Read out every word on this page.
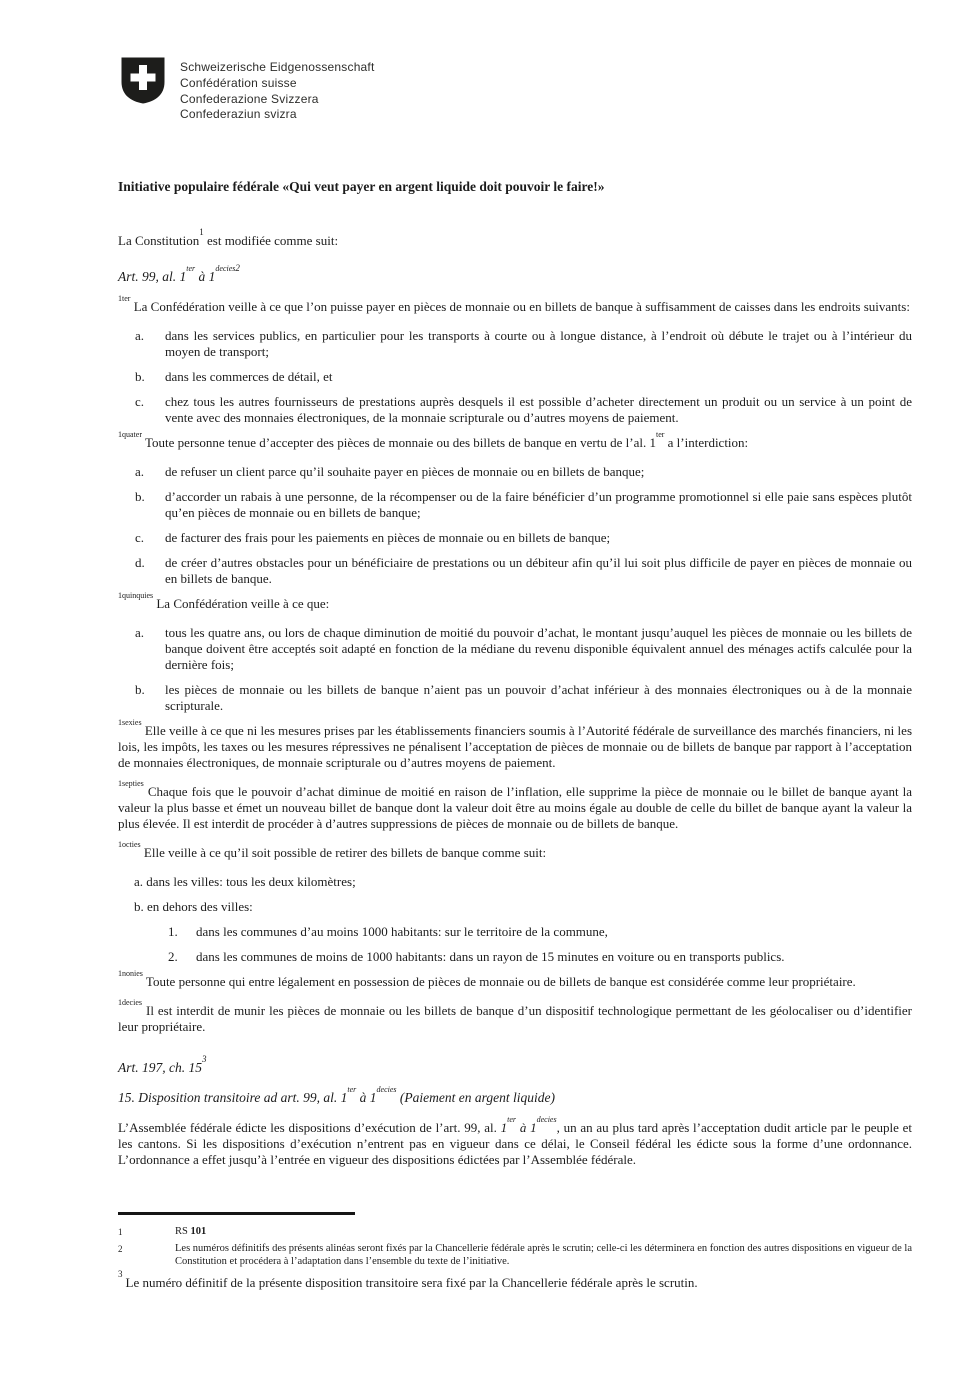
Schweizerische Eidgenossenschaft
Confédération suisse
Confederazione Svizzera
Confederaziun svizra
Initiative populaire fédérale «Qui veut payer en argent liquide doit pouvoir le faire!»

La Constitution$^1$ est modifiée comme suit:

Art. 99, al. $1^{ter}$ à 1$^{decies2}$

$^{1ter}$ La Confédération veille à ce que l’on puisse payer en pièces de monnaie ou en billets de banque à suffisamment de caisses dans les endroits suivants:

a.	dans les services publics, en particulier pour les transports à courte ou à longue distance, à l’endroit où débute le trajet ou à l’intérieur du moyen de transport;
b.	dans les commerces de détail, et
c.	chez tous les autres fournisseurs de prestations auprès desquels il est possible d’acheter directement un produit ou un service à un point de vente avec des monnaies électroniques, de la monnaie scripturale ou d’autres moyens de paiement.

$^{1quater}$ Toute personne tenue d’accepter des pièces de monnaie ou des billets de banque en vertu de l’al. $1^{ter}$ a l’interdiction:

a.	de refuser un client parce qu’il souhaite payer en pièces de monnaie ou en billets de banque;
b.	d’accorder un rabais à une personne, de la récompenser ou de la faire bénéficier d’un programme promotionnel si elle paie sans espèces plutôt qu’en pièces de monnaie ou en billets de banque;
c.	de facturer des frais pour les paiements en pièces de monnaie ou en billets de banque;
d.	de créer d’autres obstacles pour un bénéficiaire de prestations ou un débiteur afin qu’il lui soit plus difficile de payer en pièces de monnaie ou en billets de banque.

$^{1quinquies}$ La Confédération veille à ce que:

a.	tous les quatre ans, ou lors de chaque diminution de moitié du pouvoir d’achat, le montant jusqu’auquel les pièces de monnaie ou les billets de banque doivent être acceptés soit adapté en fonction de la médiane du revenu disponible équivalent annuel des ménages actifs calculée pour la dernière fois;
b.	les pièces de monnaie ou les billets de banque n’aient pas un pouvoir d’achat inférieur à des monnaies électroniques ou à de la monnaie scripturale.

$^{1sexies}$ Elle veille à ce que ni les mesures prises par les établissements financiers soumis à l’Autorité fédérale de surveillance des marchés financiers, ni les lois, les impôts, les taxes ou les mesures répressives ne pénalisent l’acceptation de pièces de monnaie ou de billets de banque par rapport à l’acceptation de monnaies électroniques, de monnaie scripturale ou d’autres moyens de paiement.

$^{1septies}$ Chaque fois que le pouvoir d’achat diminue de moitié en raison de l’inflation, elle supprime la pièce de monnaie ou le billet de banque ayant la valeur la plus basse et émet un nouveau billet de banque dont la valeur doit être au moins égale au double de celle du billet de banque ayant la valeur la plus élevée. Il est interdit de procéder à d’autres suppressions de pièces de monnaie ou de billets de banque.

$^{1octies}$ Elle veille à ce qu’il soit possible de retirer des billets de banque comme suit:

a. dans les villes: tous les deux kilomètres;
b. en dehors des villes:
1.	dans les communes d’au moins 1000 habitants: sur le territoire de la commune,
2.	dans les communes de moins de 1000 habitants: dans un rayon de 15 minutes en voiture ou en transports publics.

$^{1nonies}$ Toute personne qui entre légalement en possession de pièces de monnaie ou de billets de banque est considérée comme leur propriétaire.

$^{1decies}$ Il est interdit de munir les pièces de monnaie ou les billets de banque d’un dispositif technologique permettant de les géolocaliser ou d’identifier leur propriétaire.

Art. 197, ch. 15$^3$

15. Disposition transitoire ad art. 99, al. $1^{ter}$ à $1^{decies}$ (Paiement en argent liquide)

L’Assemblée fédérale édicte les dispositions d’exécution de l’art. 99, al. $1^{ter}$ à $1^{decies}$, un an au plus tard après l’acceptation dudit article par le peuple et les cantons. Si les dispositions d’exécution n’entrent pas en vigueur dans ce délai, le Conseil fédéral les édicte sous la forme d’une ordonnance. L’ordonnance a effet jusqu’à l’entrée en vigueur des dispositions édictées par l’Assemblée fédérale.

1	RS 101
2	Les numéros définitifs des présents alinéas seront fixés par la Chancellerie fédérale après le scrutin; celle-ci les déterminera en fonction des autres dispositions en vigueur de la Constitution et procédera à l’adaptation dans l’ensemble du texte de l’initiative.
$^3$Le numéro définitif de la présente disposition transitoire sera fixé par la Chancellerie fédérale après le scrutin.
